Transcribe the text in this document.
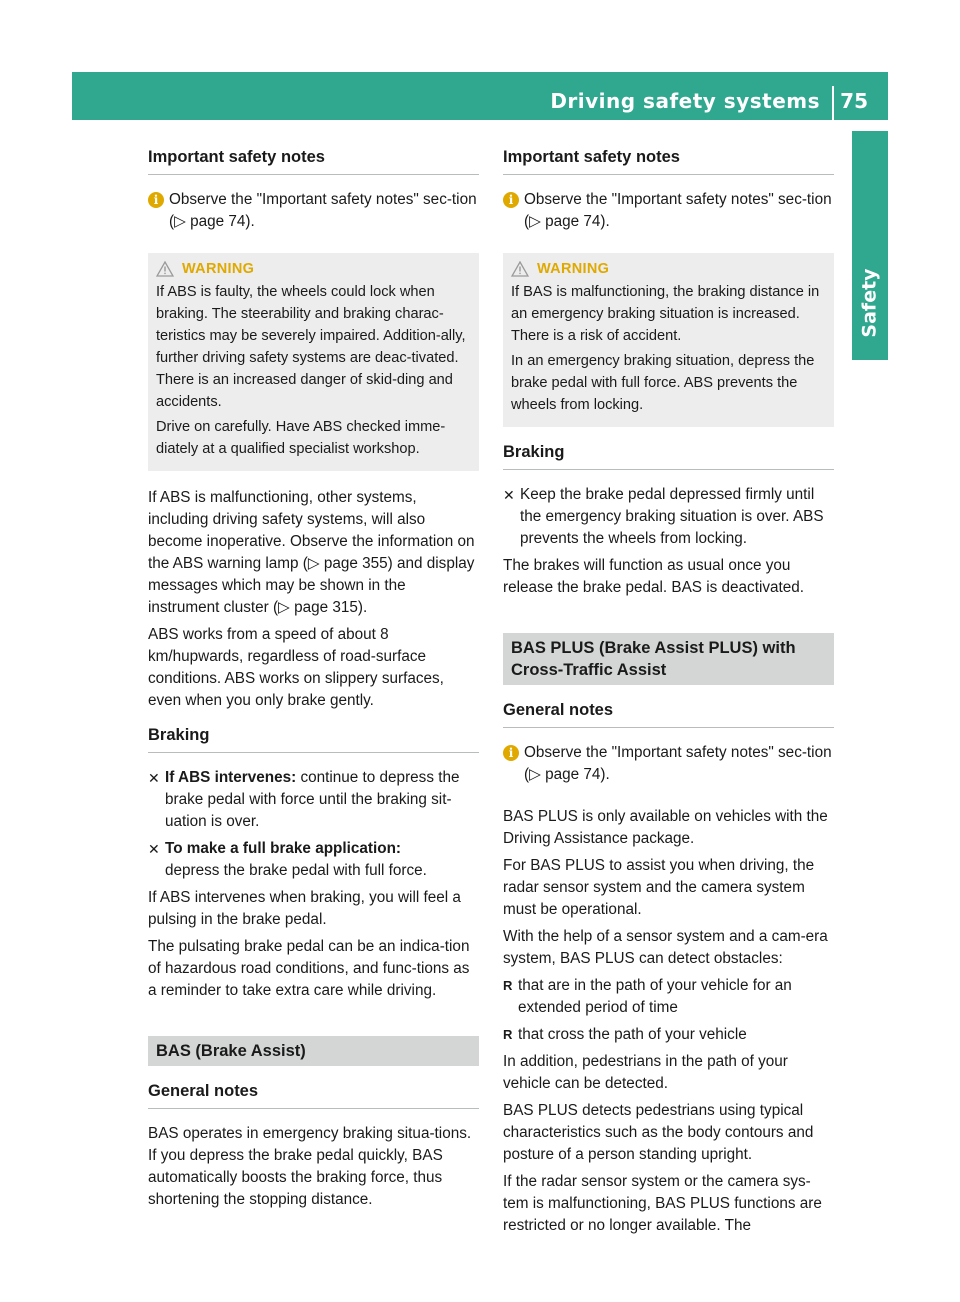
Driving safety systems 75
Safety
Important safety notes
i Observe the "Important safety notes" sec-tion (▷ page 74).
WARNING

If ABS is faulty, the wheels could lock when braking. The steerability and braking charac-teristics may be severely impaired. Addition-ally, further driving safety systems are deac-tivated. There is an increased danger of skid-ding and accidents.

Drive on carefully. Have ABS checked imme-diately at a qualified specialist workshop.

If ABS is malfunctioning, other systems, including driving safety systems, will also become inoperative. Observe the information on the ABS warning lamp (▷ page 355) and display messages which may be shown in the instrument cluster (▷ page 315).

ABS works from a speed of about 8 km/hupwards, regardless of road-surface conditions. ABS works on slippery surfaces, even when you only brake gently.

Braking
✕ If ABS intervenes: continue to depress the brake pedal with force until the braking sit-uation is over.
✕ To make a full brake application:
depress the brake pedal with full force.

If ABS intervenes when braking, you will feel a pulsing in the brake pedal.

The pulsating brake pedal can be an indica-tion of hazardous road conditions, and func-tions as a reminder to take extra care while driving.

BAS (Brake Assist)
General notes

BAS operates in emergency braking situa-tions. If you depress the brake pedal quickly, BAS automatically boosts the braking force, thus shortening the stopping distance.

Important safety notes
i Observe the "Important safety notes" sec-tion (▷ page 74).
WARNING

If BAS is malfunctioning, the braking distance in an emergency braking situation is increased. There is a risk of accident.

In an emergency braking situation, depress the brake pedal with full force. ABS prevents the wheels from locking.

Braking
✕ Keep the brake pedal depressed firmly until the emergency braking situation is over. ABS prevents the wheels from locking.

The brakes will function as usual once you release the brake pedal. BAS is deactivated.

BAS PLUS (Brake Assist PLUS) with Cross-Traffic Assist
General notes
i Observe the "Important safety notes" sec-tion (▷ page 74).

BAS PLUS is only available on vehicles with the Driving Assistance package.

For BAS PLUS to assist you when driving, the radar sensor system and the camera system must be operational.

With the help of a sensor system and a cam-era system, BAS PLUS can detect obstacles:

R that are in the path of your vehicle for an extended period of time
R that cross the path of your vehicle

In addition, pedestrians in the path of your vehicle can be detected.

BAS PLUS detects pedestrians using typical characteristics such as the body contours and posture of a person standing upright.

If the radar sensor system or the camera sys-tem is malfunctioning, BAS PLUS functions are restricted or no longer available. The
